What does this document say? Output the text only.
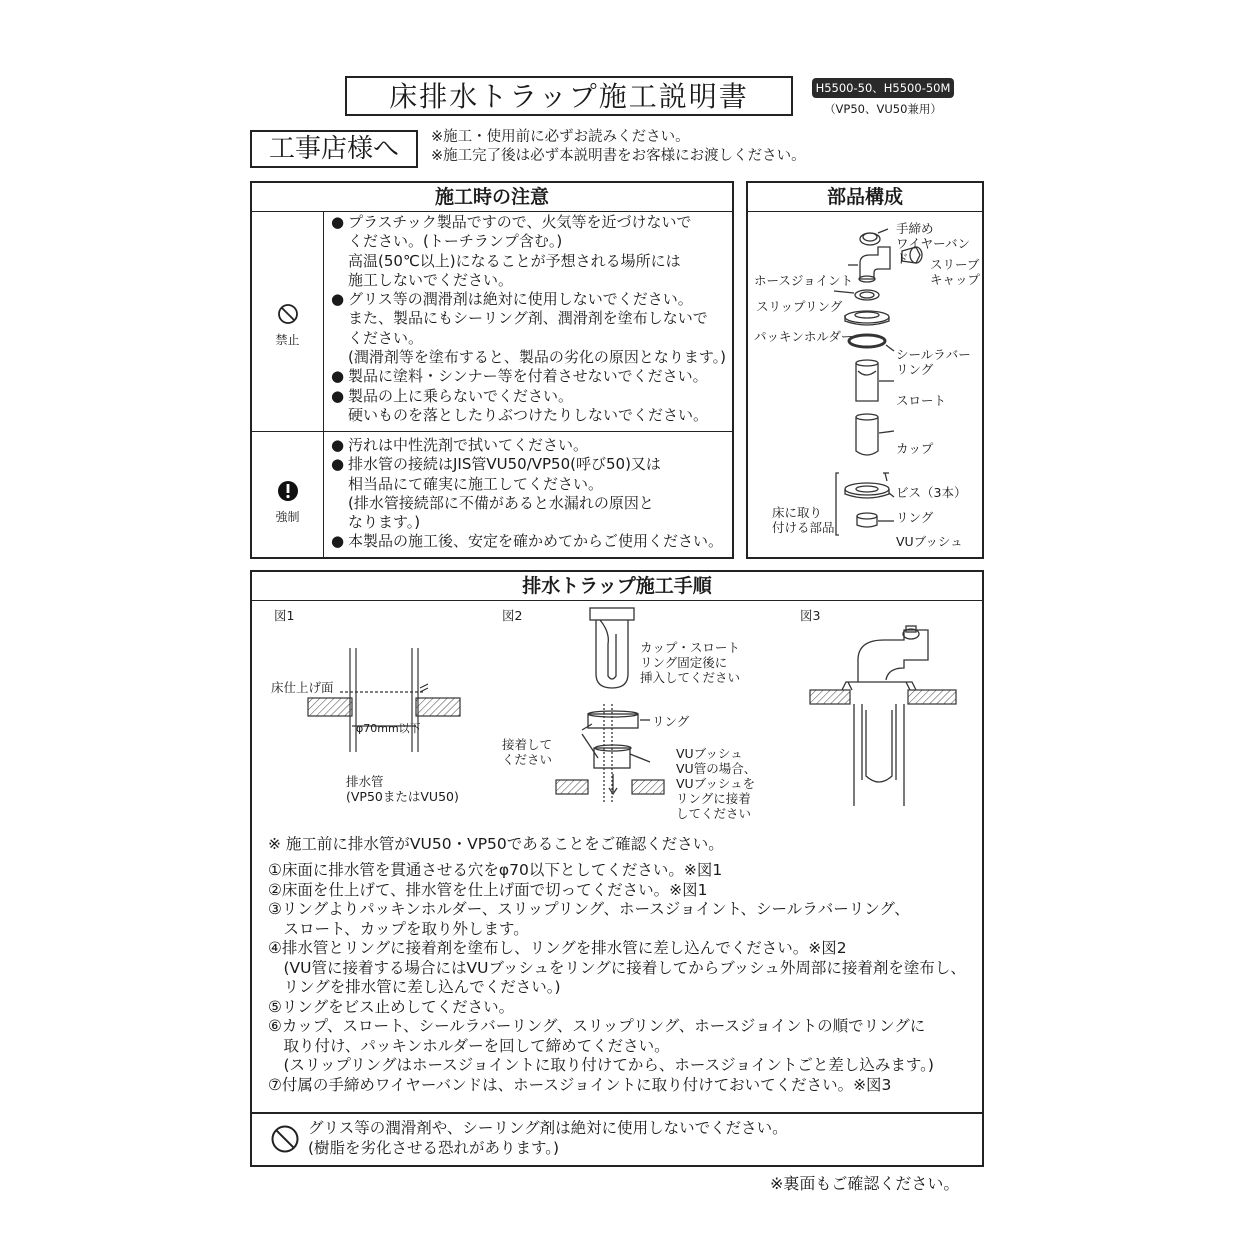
床排水トラップ施工説明書	H5500-50、H5500-50M
（VP50、VU50兼用）
工事店様へ	※施工・使用前に必ずお読みください。
※施工完了後は必ず本説明書をお客様にお渡しください。
施工時の注意
禁止
● プラスチック製品ですので、火気等を近づけないで
ください。(トーチランプ含む。)
高温(50℃以上)になることが予想される場所には
施工しないでください。
● グリス等の潤滑剤は絶対に使用しないでください。
また、製品にもシーリング剤、潤滑剤を塗布しないで
ください。
(潤滑剤等を塗布すると、製品の劣化の原因となります。)
● 製品に塗料・シンナー等を付着させないでください。
● 製品の上に乗らないでください。
硬いものを落としたりぶつけたりしないでください。
強制
● 汚れは中性洗剤で拭いてください。
● 排水管の接続はJIS管VU50/VP50(呼び50)又は
相当品にて確実に施工してください。
(排水管接続部に不備があると水漏れの原因と
なります。)
● 本製品の施工後、安定を確かめてからご使用ください。
部品構成
手締め
ワイヤーバンド	スリーブ
キャップ
ホースジョイント
スリップリング
パッキンホルダー
シールラバー
リング
スロート
カップ
ビス（3本）
リング
VUブッシュ
床に取り
付ける部品
排水トラップ施工手順
図1
床仕上げ面
φ70mm以下
排水管
(VP50またはVU50)
図2
カップ・スロート
リング固定後に
挿入してください
リング
接着して
ください	VUブッシュ
VU管の場合、
VUブッシュを
リングに接着
してください
図3
※ 施工前に排水管がVU50・VP50であることをご確認ください。
①床面に排水管を貫通させる穴をφ70以下としてください。※図1
②床面を仕上げて、排水管を仕上げ面で切ってください。※図1
③リングよりパッキンホルダー、スリップリング、ホースジョイント、シールラバーリング、
　スロート、カップを取り外します。
④排水管とリングに接着剤を塗布し、リングを排水管に差し込んでください。※図2
　(VU管に接着する場合にはVUブッシュをリングに接着してからブッシュ外周部に接着剤を塗布し、
　リングを排水管に差し込んでください。)
⑤リングをビス止めしてください。
⑥カップ、スロート、シールラバーリング、スリップリング、ホースジョイントの順でリングに
　取り付け、パッキンホルダーを回して締めてください。
　(スリップリングはホースジョイントに取り付けてから、ホースジョイントごと差し込みます。)
⑦付属の手締めワイヤーバンドは、ホースジョイントに取り付けておいてください。※図3
グリス等の潤滑剤や、シーリング剤は絶対に使用しないでください。
(樹脂を劣化させる恐れがあります。)
※裏面もご確認ください。
